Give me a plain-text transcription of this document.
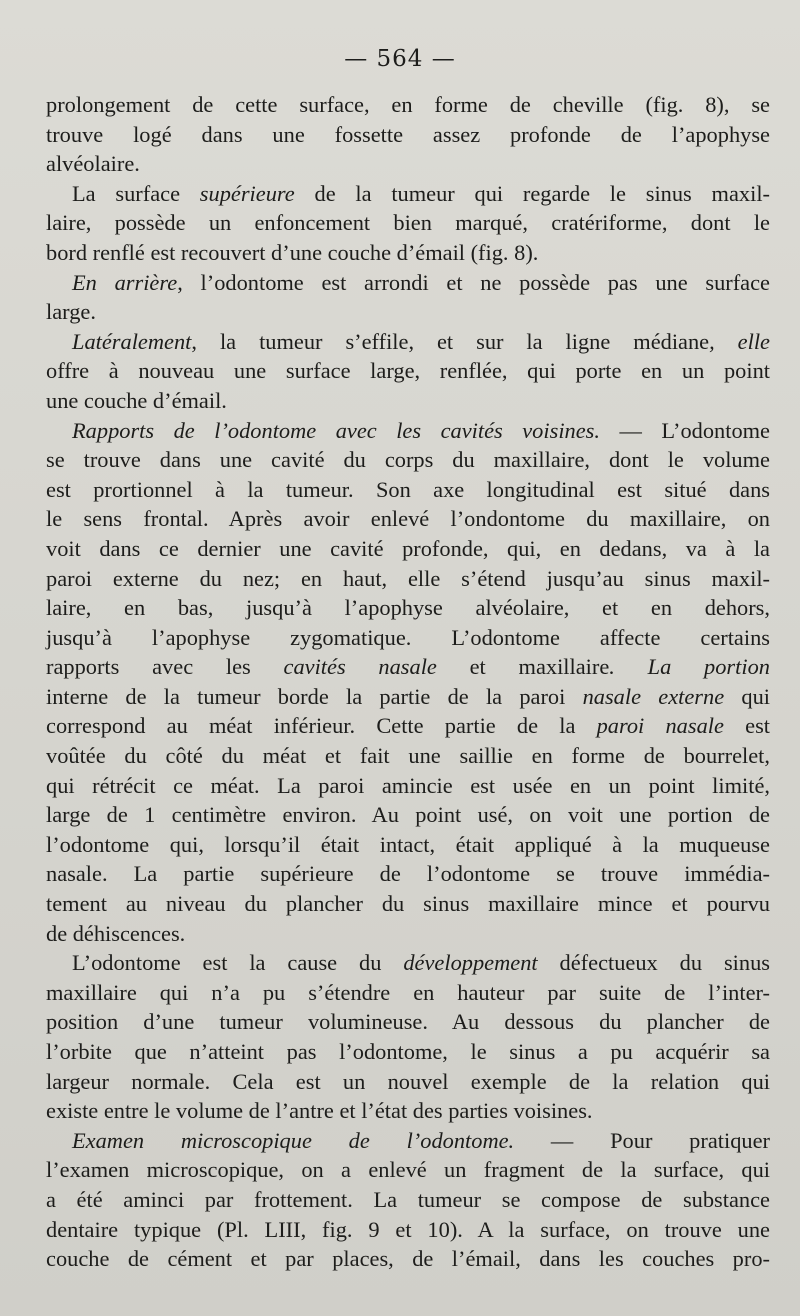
— 564 —
prolongement de cette surface, en forme de cheville (fig. 8), se
trouve logé dans une fossette assez profonde de l’apophyse
alvéolaire.
La surface supérieure de la tumeur qui regarde le sinus maxil-
laire, possède un enfoncement bien marqué, cratériforme, dont le
bord renflé est recouvert d’une couche d’émail (fig. 8).
En arrière, l’odontome est arrondi et ne possède pas une surface
large.
Latéralement, la tumeur s’effile, et sur la ligne médiane, elle
offre à nouveau une surface large, renflée, qui porte en un point
une couche d’émail.
Rapports de l’odontome avec les cavités voisines. — L’odontome
se trouve dans une cavité du corps du maxillaire, dont le volume
est prortionnel à la tumeur. Son axe longitudinal est situé dans
le sens frontal. Après avoir enlevé l’ondontome du maxillaire, on
voit dans ce dernier une cavité profonde, qui, en dedans, va à la
paroi externe du nez; en haut, elle s’étend jusqu’au sinus maxil-
laire, en bas, jusqu’à l’apophyse alvéolaire, et en dehors,
jusqu’à l’apophyse zygomatique. L’odontome affecte certains
rapports avec les cavités nasale et maxillaire. La portion
interne de la tumeur borde la partie de la paroi nasale externe qui
correspond au méat inférieur. Cette partie de la paroi nasale est
voûtée du côté du méat et fait une saillie en forme de bourrelet,
qui rétrécit ce méat. La paroi amincie est usée en un point limité,
large de 1 centimètre environ. Au point usé, on voit une portion de
l’odontome qui, lorsqu’il était intact, était appliqué à la muqueuse
nasale. La partie supérieure de l’odontome se trouve immédia-
tement au niveau du plancher du sinus maxillaire mince et pourvu
de déhiscences.
L’odontome est la cause du développement défectueux du sinus
maxillaire qui n’a pu s’étendre en hauteur par suite de l’inter-
position d’une tumeur volumineuse. Au dessous du plancher de
l’orbite que n’atteint pas l’odontome, le sinus a pu acquérir sa
largeur normale. Cela est un nouvel exemple de la relation qui
existe entre le volume de l’antre et l’état des parties voisines.
Examen microscopique de l’odontome. — Pour pratiquer
l’examen microscopique, on a enlevé un fragment de la surface, qui
a été aminci par frottement. La tumeur se compose de substance
dentaire typique (Pl. LIII, fig. 9 et 10). A la surface, on trouve une
couche de cément et par places, de l’émail, dans les couches pro-
